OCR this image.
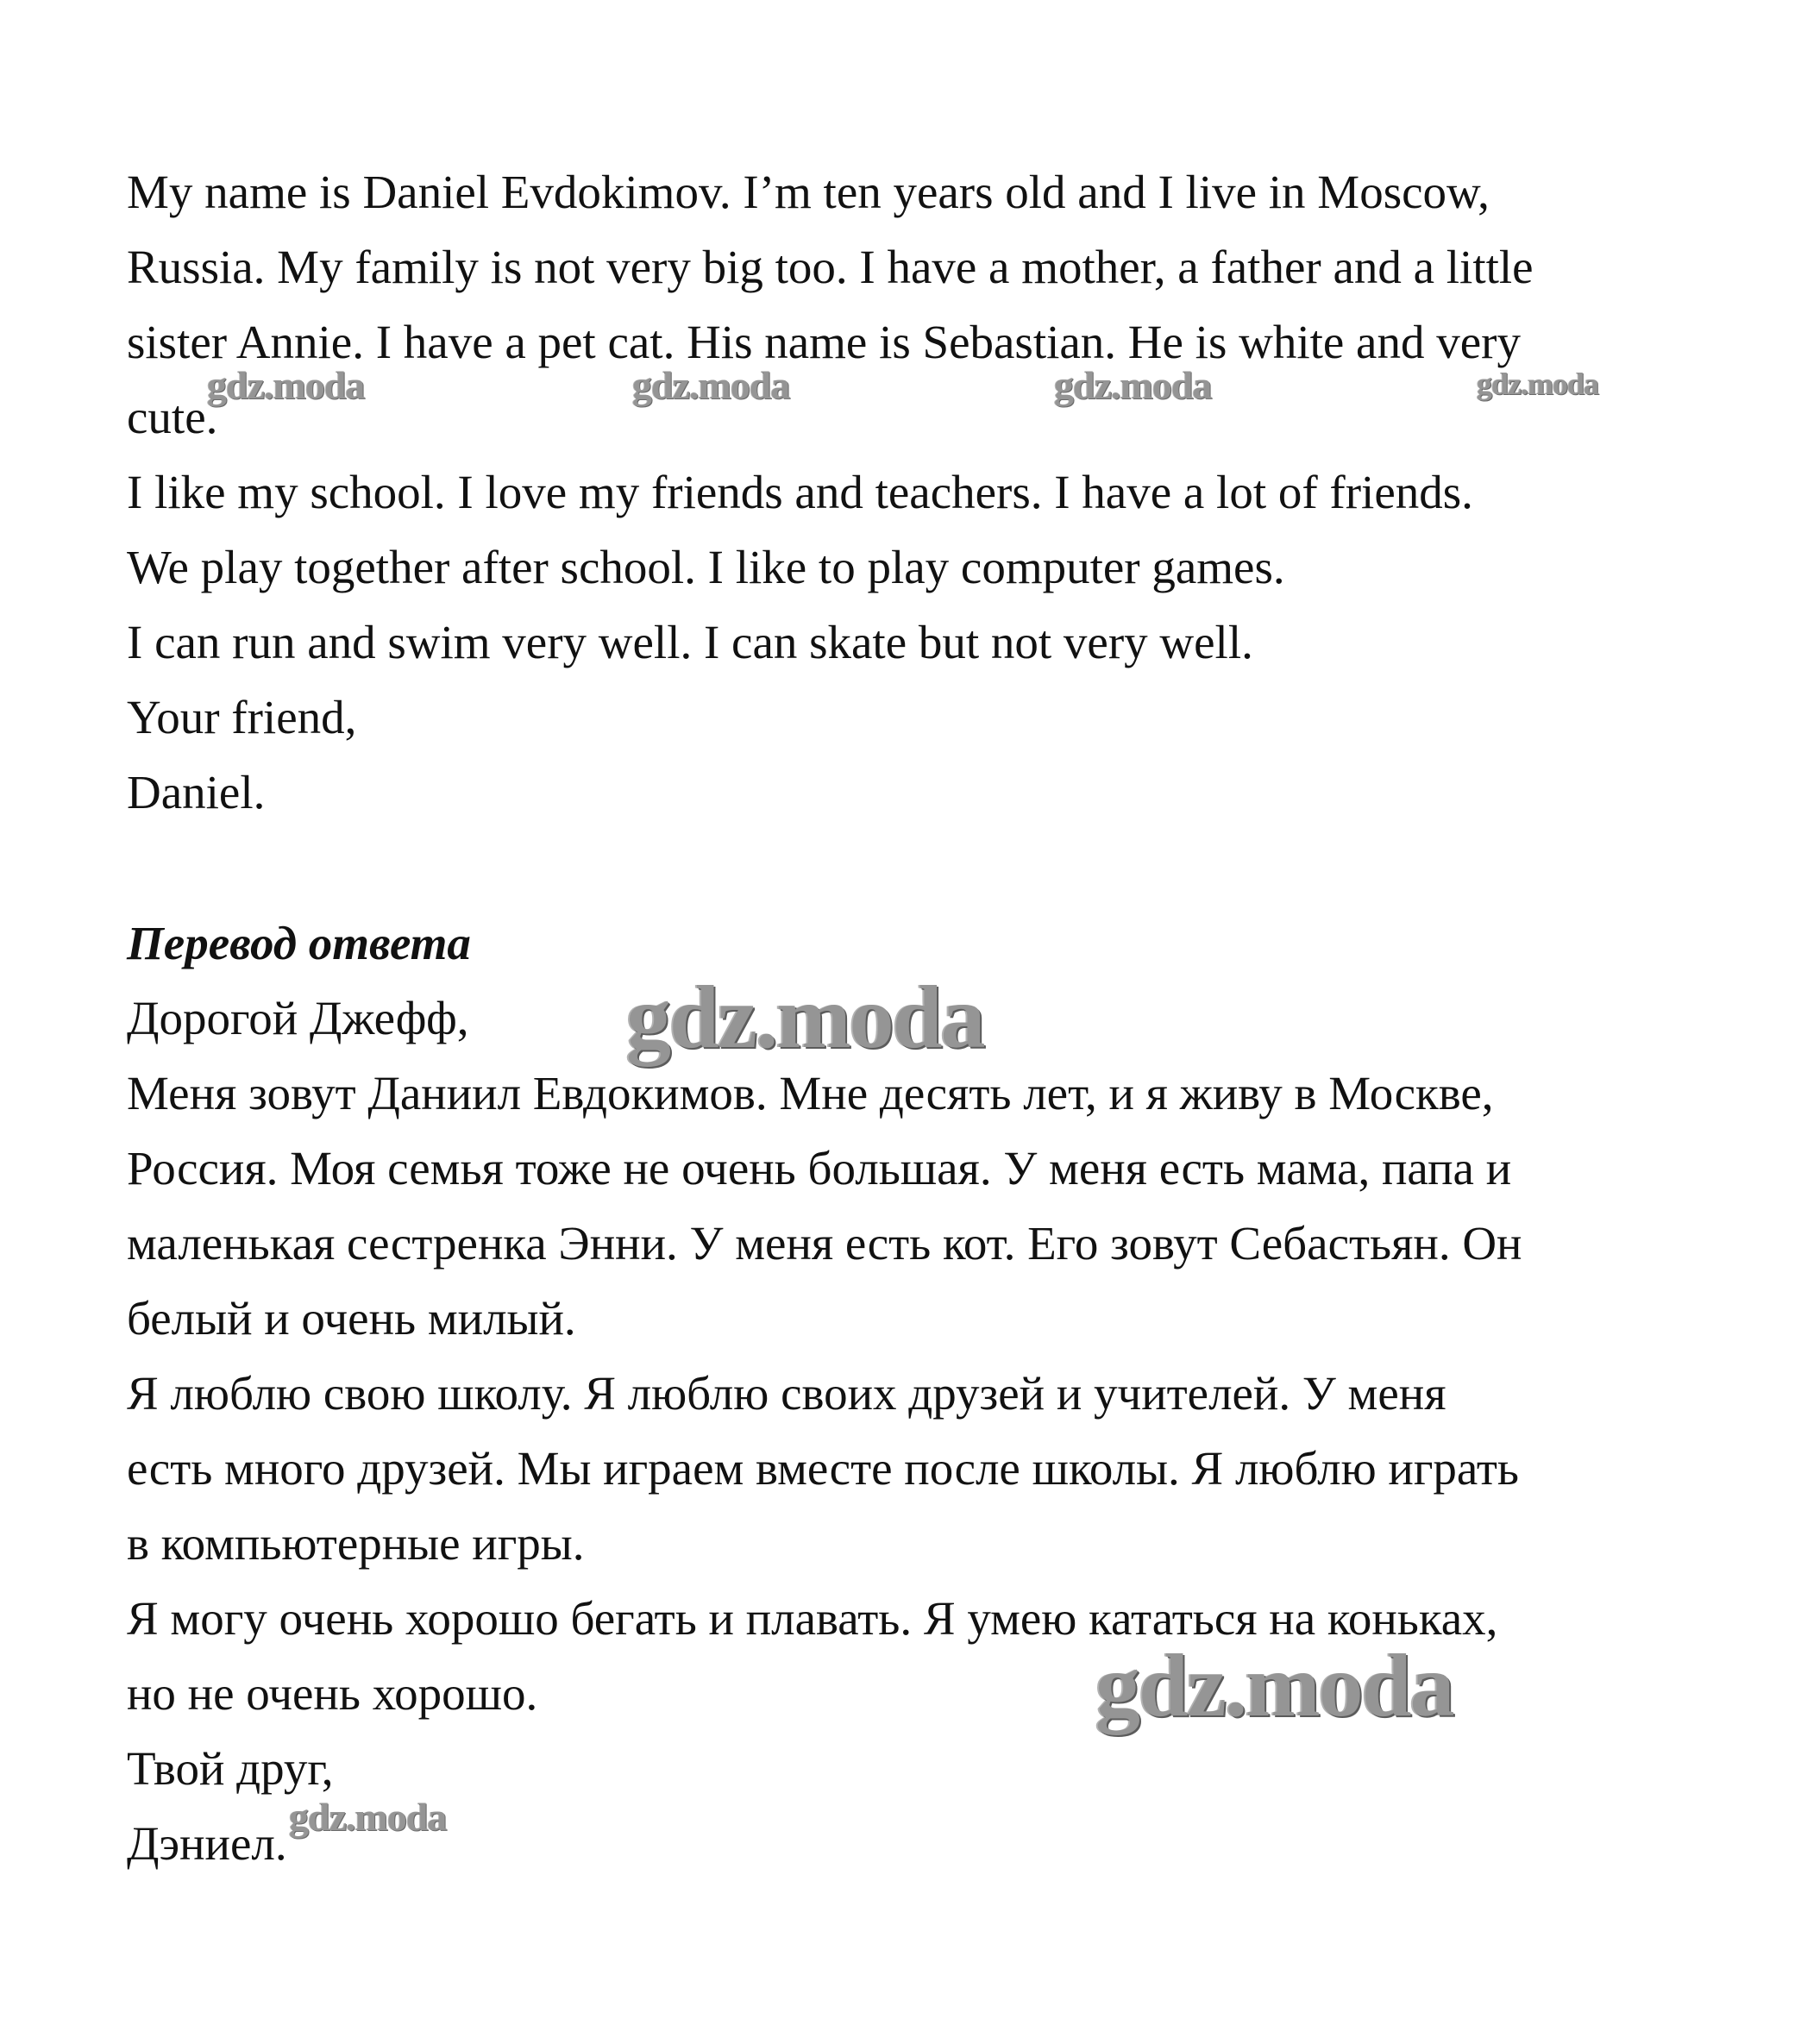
My name is Daniel Evdokimov. I’m ten years old and I live in Moscow,
Russia. My family is not very big too. I have a mother, a father and a little
sister Annie. I have a pet cat. His name is Sebastian. He is white and very
cute.
I like my school. I love my friends and teachers. I have a lot of friends.
We play together after school. I like to play computer games.
I can run and swim very well. I can skate but not very well.
Your friend,
Daniel.
Перевод ответа
Дорогой Джефф,
Меня зовут Даниил Евдокимов. Мне десять лет, и я живу в Москве,
Россия. Моя семья тоже не очень большая. У меня есть мама, папа и
маленькая сестренка Энни. У меня есть кот. Его зовут Себастьян. Он
белый и очень милый.
Я люблю свою школу. Я люблю своих друзей и учителей. У меня
есть много друзей. Мы играем вместе после школы. Я люблю играть
в компьютерные игры.
Я могу очень хорошо бегать и плавать. Я умею кататься на коньках,
но не очень хорошо.
Твой друг,
Дэниел.
gdz.moda	gdz.moda	gdz.moda	gdz.moda
gdz.moda
gdz.moda
gdz.moda
